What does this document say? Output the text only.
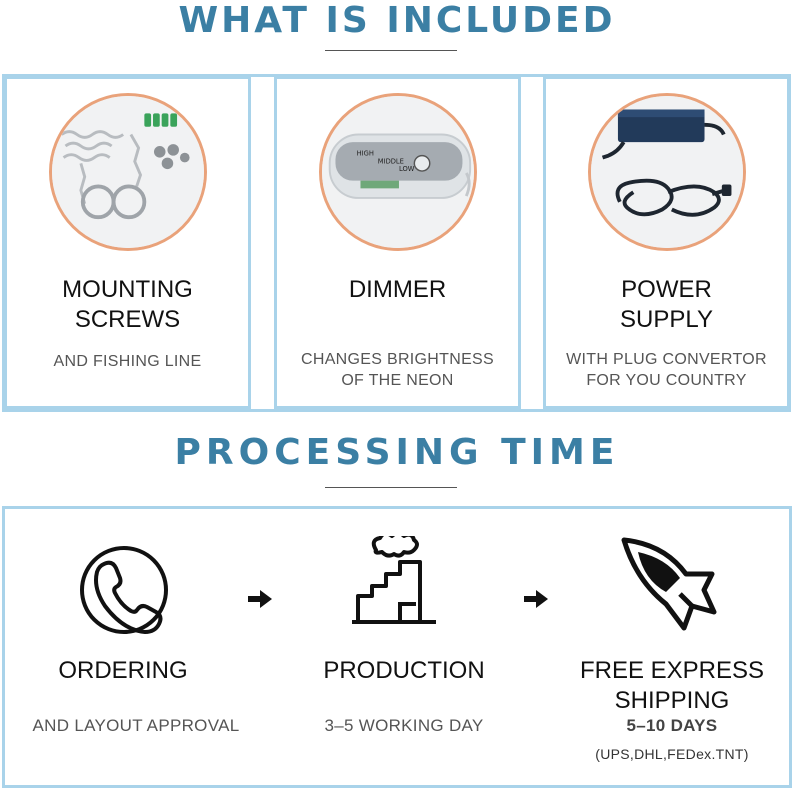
WHAT IS INCLUDED
MOUNTING
SCREWS
AND FISHING LINE
HIGH
MIDDLE
LOW
DIMMER
CHANGES BRIGHTNESS
OF THE NEON
POWER
SUPPLY
WITH PLUG CONVERTOR
FOR YOU COUNTRY
PROCESSING TIME
ORDERING
AND LAYOUT APPROVAL
PRODUCTION
3–5 WORKING DAY
FREE EXPRESS
SHIPPING
5–10 DAYS
(UPS,DHL,FEDex.TNT)
